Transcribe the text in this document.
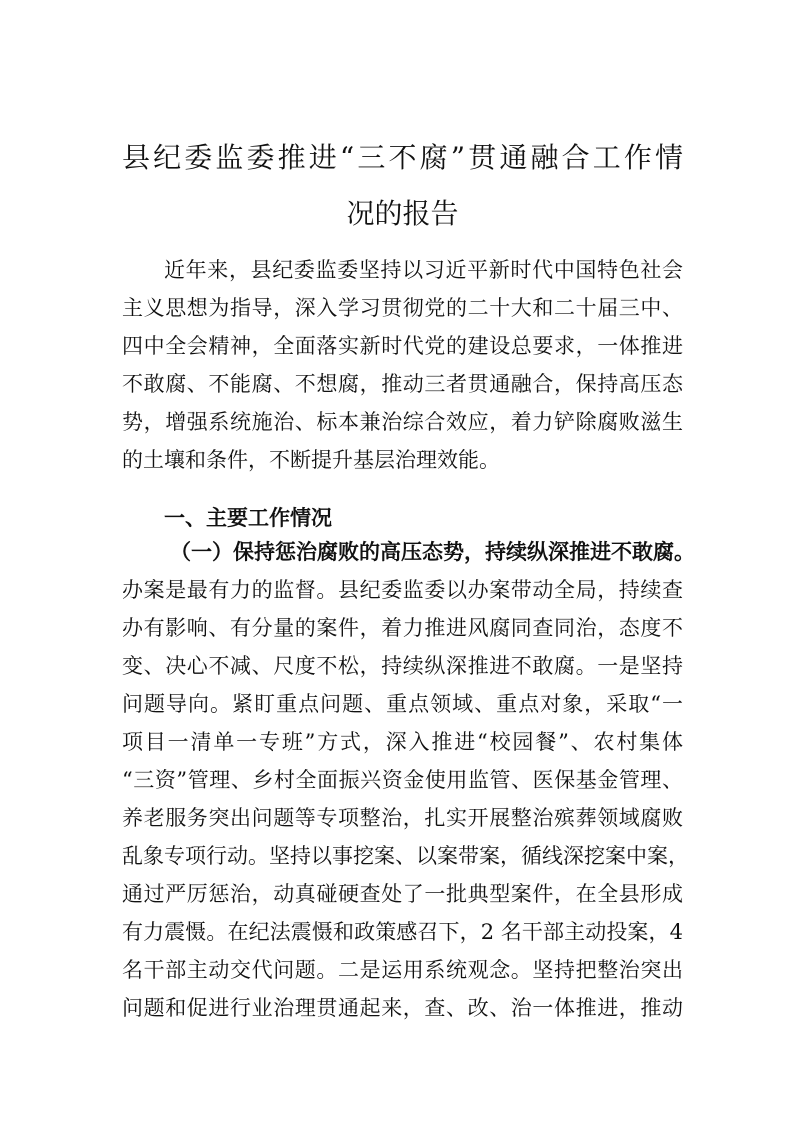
县纪委监委推进“三不腐”贯通融合工作情
况的报告
近年来，县纪委监委坚持以习近平新时代中国特色社会
主义思想为指导，深入学习贯彻党的二十大和二十届三中、
四中全会精神，全面落实新时代党的建设总要求，一体推进
不敢腐、不能腐、不想腐，推动三者贯通融合，保持高压态
势，增强系统施治、标本兼治综合效应，着力铲除腐败滋生
的土壤和条件，不断提升基层治理效能。
一、主要工作情况
（一）保持惩治腐败的高压态势，持续纵深推进不敢腐。
办案是最有力的监督。县纪委监委以办案带动全局，持续查
办有影响、有分量的案件，着力推进风腐同查同治，态度不
变、决心不减、尺度不松，持续纵深推进不敢腐。一是坚持
问题导向。紧盯重点问题、重点领域、重点对象，采取“一
项目一清单一专班”方式，深入推进“校园餐”、农村集体
“三资”管理、乡村全面振兴资金使用监管、医保基金管理、
养老服务突出问题等专项整治，扎实开展整治殡葬领域腐败
乱象专项行动。坚持以事挖案、以案带案，循线深挖案中案，
通过严厉惩治，动真碰硬查处了一批典型案件，在全县形成
有力震慑。在纪法震慑和政策感召下，2 名干部主动投案，4
名干部主动交代问题。二是运用系统观念。坚持把整治突出
问题和促进行业治理贯通起来，查、改、治一体推进，推动
